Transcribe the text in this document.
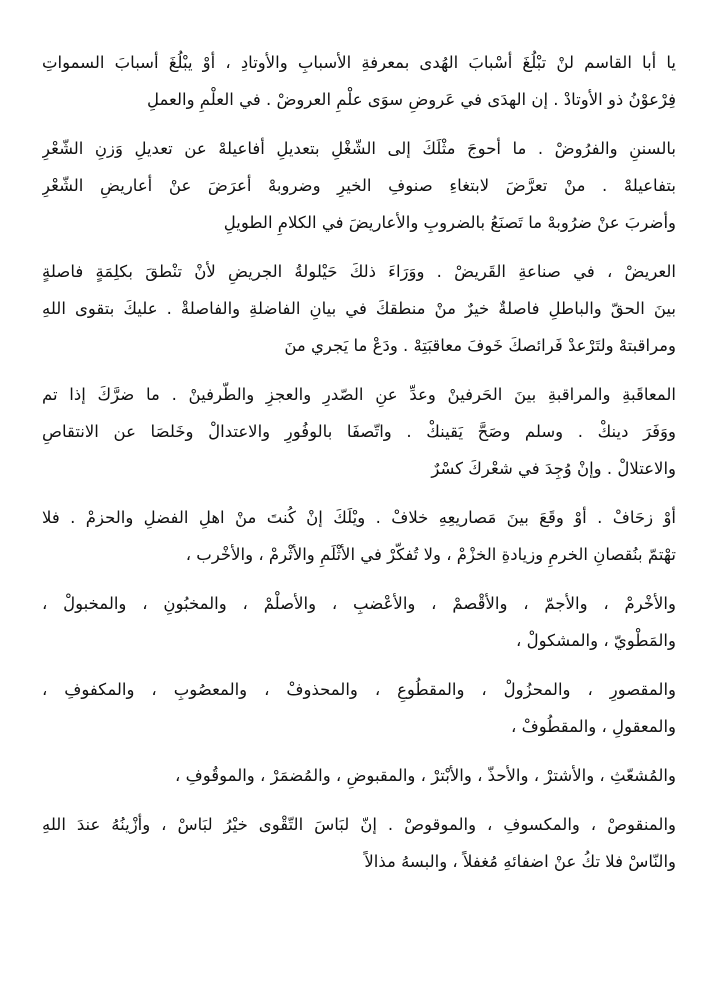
يا أبا القاسم لنْ تبْلُغَ أسْبابَ الهُدى بمعرفةِ الأسبابِ والأوتادِ ، أوْ يبْلُغَ أسبابَ السمواتِ
فِرْعوْنُ ذو الأوتادْ . إن الهدَى في عَروضِ سوَى علْمِ العروضْ . في العلْمِ والعملِ

بالسننِ والفرُوضْ . ما أحوجَ مثْلَكَ إلى الشّغْلِ بتعديلِ أفاعيلهْ عن تعديلِ وَزنِ الشّعْرِ
بتفاعيلهْ . منْ تعرَّضَ لابتغاءِ صنوفِ الخيرِ وضروبهْ أعرَضَ عنْ أعاريضِ الشّعْرِ
وأضربَ عنْ ضرُوبهْ ما تَصنَعُ بالضروبِ والأعاريضَ في الكلامِ الطويلِ

العريضْ ، في صناعةِ القَريضْ . ووَرَاءَ ذلكَ حَيْلولةُ الجريضِ لأنْ تنْطقَ بكلِمَةٍ فاصلةٍ
بينَ الحقّ والباطلِ فاصلةٌ خيرٌ منْ منطقكَ في بيانِ الفاضلةِ والفاصلةْ . عليكَ بتقوى اللهِ
ومراقبتهْ ولتَرْعدْ فَرائصكَ خَوفَ معاقبَتِهْ . ودَعْ ما يَجري منَ

المعاقَبةِ والمراقبةِ بينَ الحَرفينْ وعدِّ عنِ الصّدرِ والعجزِ والطّرفينْ . ما ضرَّكَ إذا تم
ووَفَرَ دينكْ . وسلم وصَحَّ يَقينكْ . واتّصفَا بالوفُورِ والاعتدالْ وخَلصَا عن الانتقاصِ
والاعتلالْ . وإنْ وُجِدَ في شعْركَ كسْرٌ

أوْ زحَافْ . أوْ وقَعَ بينَ مَصاريعِهِ خلافْ . ويْلَكَ إنْ كُنتَ منْ اهلِ الفضلِ والحزمْ . فلا
تهْتمّ بنُقصانِ الخرمِ وزيادةِ الخزْمْ ، ولا تُفكّرْ في الأثْلَمِ والأثْرمْ ، والأخْرب ،

والأخْرمْ ، والأجمّ ، والأقْصمْ ، والأعْضبِ ، والأصلْمْ ، والمخبُونِ ، والمخبولْ ،
والمَطْويّ ، والمشكولْ ،

والمقصورِ ، والمحزُولْ ، والمقطُوعِ ، والمحذوفْ ، والمعصُوبِ ، والمكفوفِ ،
والمعقولِ ، والمقطُوفْ ،

والمُشعّثِ ، والأشترْ ، والأحذّ ، والأبْترْ ، والمقبوضِ ، والمُضمَرْ ، والموقُوفِ ،

والمنقوصْ ، والمكسوفِ ، والموقوصْ . إنّ لبَاسَ التّقْوى خيْرُ لبَاسْ ، وأزْينُهُ عندَ اللهِ
والنّاسْ فلا تكُ عنْ اضفائهِ مُغفلاً ، والبسهُ مذالاً
